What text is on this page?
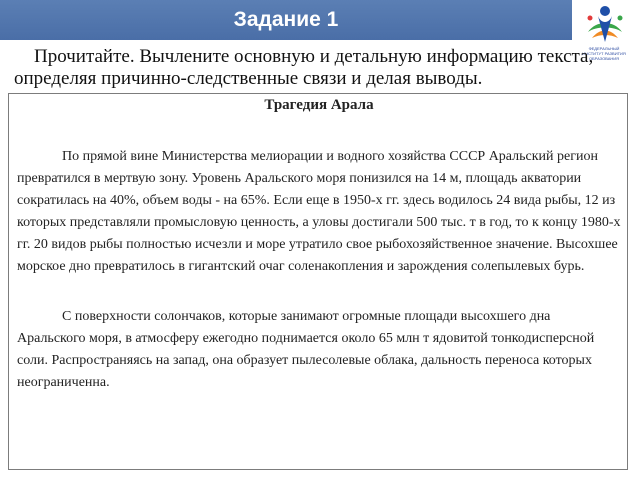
Задание 1
ФЕДЕРАЛЬНЫЙ ИНСТИТУТ РАЗВИТИЯ ОБРАЗОВАНИЯ
Прочитайте. Вычлените основную и детальную информацию текста, определяя причинно-следственные связи и делая выводы.
Трагедия Арала

По прямой вине Министерства мелиорации и водного хозяйства СССР Аральский регион превратился в мертвую зону. Уровень Аральского моря понизился на 14 м, площадь акватории сократилась на 40%, объем воды - на 65%. Если еще в 1950-х гг. здесь водилось 24 вида рыбы, 12 из которых представляли промысловую ценность, а уловы достигали 500 тыс. т в год, то к концу 1980-х гг. 20 видов рыбы полностью исчезли и море утратило свое рыбохозяйственное значение. Высохшее морское дно превратилось в гигантский очаг соленакопления и зарождения солепылевых бурь.

С поверхности солончаков, которые занимают огромные площади высохшего дна Аральского моря, в атмосферу ежегодно поднимается около 65 млн т ядовитой тонкодисперсной соли. Распространяясь на запад, она образует пылесолевые облака, дальность переноса которых неограниченна.
